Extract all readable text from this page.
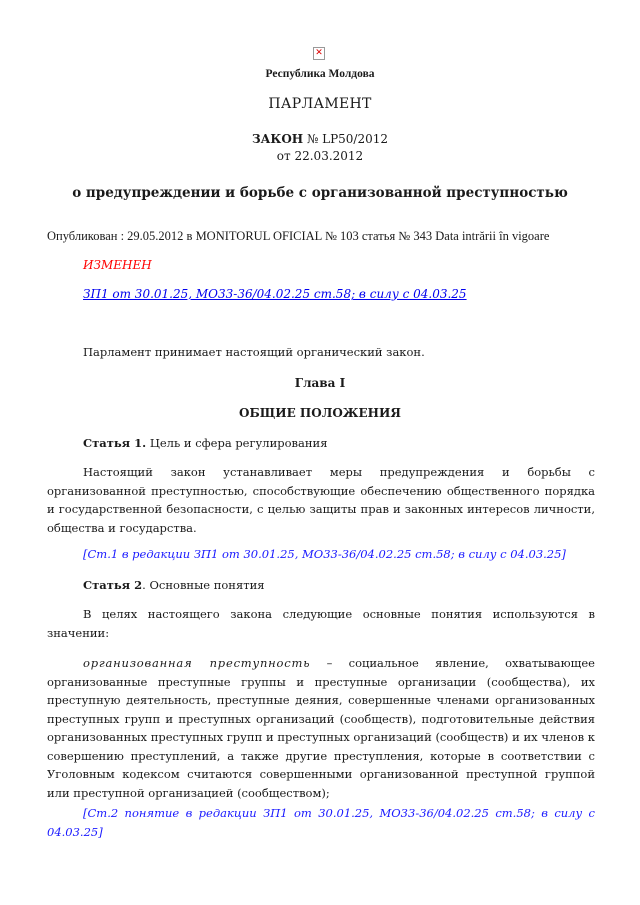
✕
Республика Молдова
ПАРЛАМЕНТ
ЗАКОН № LP50/2012
от 22.03.2012
о предупреждении и борьбе с организованной преступностью
Опубликован : 29.05.2012 в MONITORUL OFICIAL № 103 статья № 343 Data intrării în vigoare
ИЗМЕНЕН
ЗП1 от 30.01.25, МО33-36/04.02.25 ст.58; в силу с 04.03.25
Парламент принимает настоящий органический закон.
Глава I
ОБЩИЕ ПОЛОЖЕНИЯ
Статья 1. Цель и сфера регулирования
Настоящий закон устанавливает меры предупреждения и борьбы с организованной преступностью, способствующие обеспечению общественного порядка и государственной безопасности, с целью защиты прав и законных интересов личности, общества и государства.
[Ст.1 в редакции ЗП1 от 30.01.25, МО33-36/04.02.25 ст.58; в силу с 04.03.25]
Статья 2. Основные понятия
В целях настоящего закона следующие основные понятия используются в значении:
организованная преступность – социальное явление, охватывающее организованные преступные группы и преступные организации (сообщества), их преступную деятельность, преступные деяния, совершенные членами организованных преступных групп и преступных организаций (сообществ), подготовительные действия организованных преступных групп и преступных организаций (сообществ) и их членов к совершению преступлений, а также другие преступления, которые в соответствии с Уголовным кодексом считаются совершенными организованной преступной группой или преступной организацией (сообществом);
[Ст.2 понятие в редакции ЗП1 от 30.01.25, МО33-36/04.02.25 ст.58; в силу с 04.03.25]
